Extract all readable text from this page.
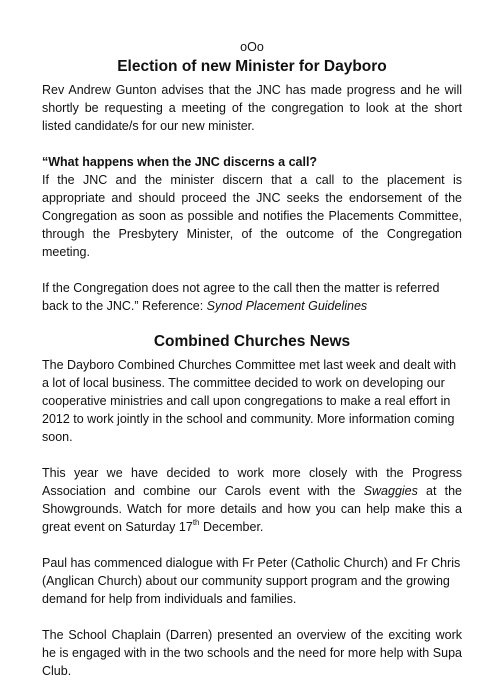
oOo
Election of new Minister for Dayboro

Rev Andrew Gunton advises that the JNC has made progress and he will shortly be requesting a meeting of the congregation to look at the short listed candidate/s for our new minister.

“What happens when the JNC discerns a call?

If the JNC and the minister discern that a call to the placement is appropriate and should proceed the JNC seeks the endorsement of the Congregation as soon as possible and notifies the Placements Committee, through the Presbytery Minister, of the outcome of the Congregation meeting.

If the Congregation does not agree to the call then the matter is referred back to the JNC.” Reference: Synod Placement Guidelines

Combined Churches News

The Dayboro Combined Churches Committee met last week and dealt with a lot of local business. The committee decided to work on developing our cooperative ministries and call upon congregations to make a real effort in 2012 to work jointly in the school and community. More information coming soon.

This year we have decided to work more closely with the Progress Association and combine our Carols event with the Swaggies at the Showgrounds. Watch for more details and how you can help make this a great event on Saturday 17th December.

Paul has commenced dialogue with Fr Peter (Catholic Church) and Fr Chris (Anglican Church) about our community support program and the growing demand for help from individuals and families.

The School Chaplain (Darren) presented an overview of the exciting work he is engaged with in the two schools and the need for more help with Supa Club.
